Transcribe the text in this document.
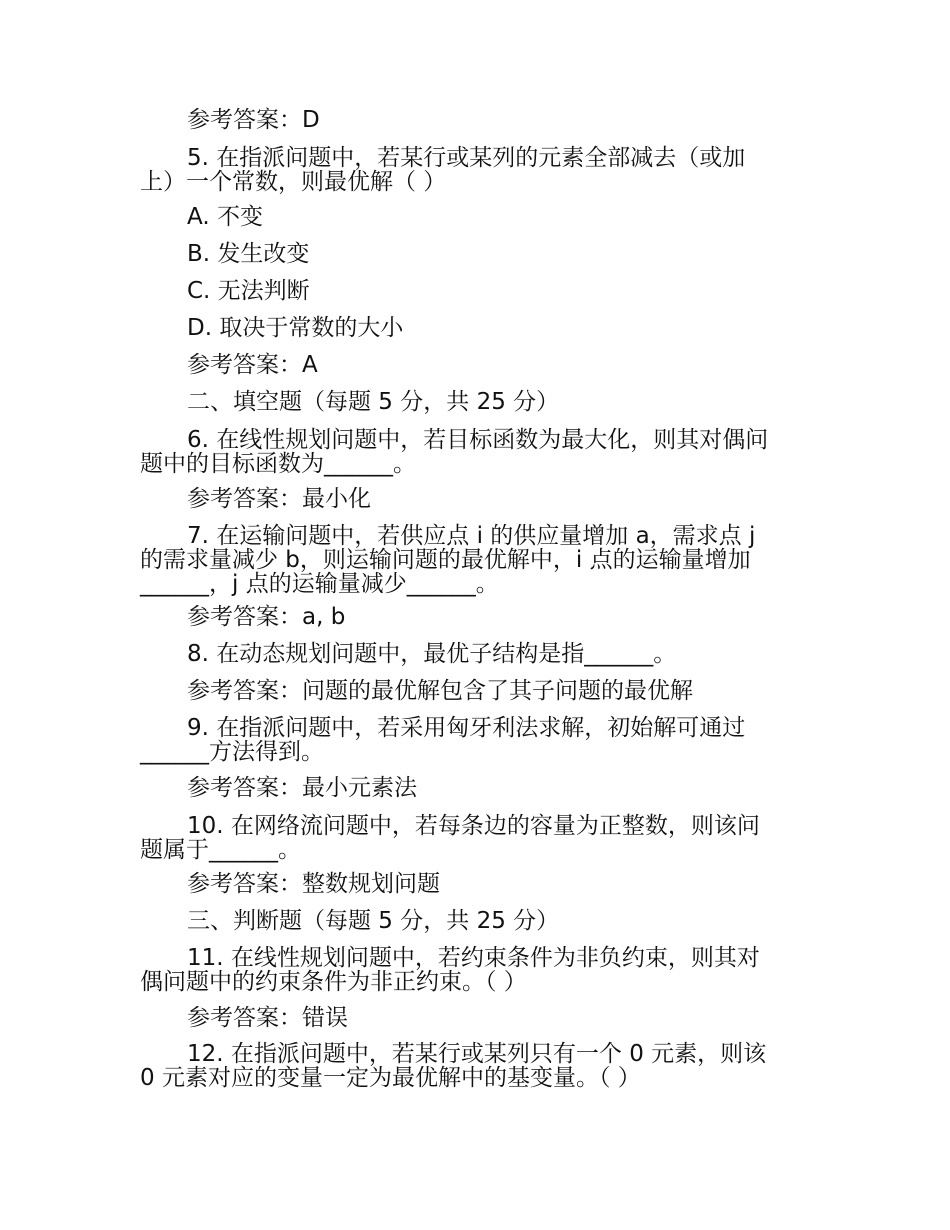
参考答案：D

5. 在指派问题中，若某行或某列的元素全部减去（或加
上）一个常数，则最优解（ ）

A. 不变

B. 发生改变

C. 无法判断

D. 取决于常数的大小

参考答案：A

二、填空题（每题 5 分，共 25 分）

6. 在线性规划问题中，若目标函数为最大化，则其对偶问
题中的目标函数为______。

参考答案：最小化

7. 在运输问题中，若供应点 i 的供应量增加 a，需求点 j
的需求量减少 b，则运输问题的最优解中，i 点的运输量增加
______，j 点的运输量减少______。

参考答案：a, b

8. 在动态规划问题中，最优子结构是指______。

参考答案：问题的最优解包含了其子问题的最优解

9. 在指派问题中，若采用匈牙利法求解，初始解可通过
______方法得到。

参考答案：最小元素法

10. 在网络流问题中，若每条边的容量为正整数，则该问
题属于______。

参考答案：整数规划问题

三、判断题（每题 5 分，共 25 分）

11. 在线性规划问题中，若约束条件为非负约束，则其对
偶问题中的约束条件为非正约束。（ ）

参考答案：错误

12. 在指派问题中，若某行或某列只有一个 0 元素，则该
0 元素对应的变量一定为最优解中的基变量。（ ）
